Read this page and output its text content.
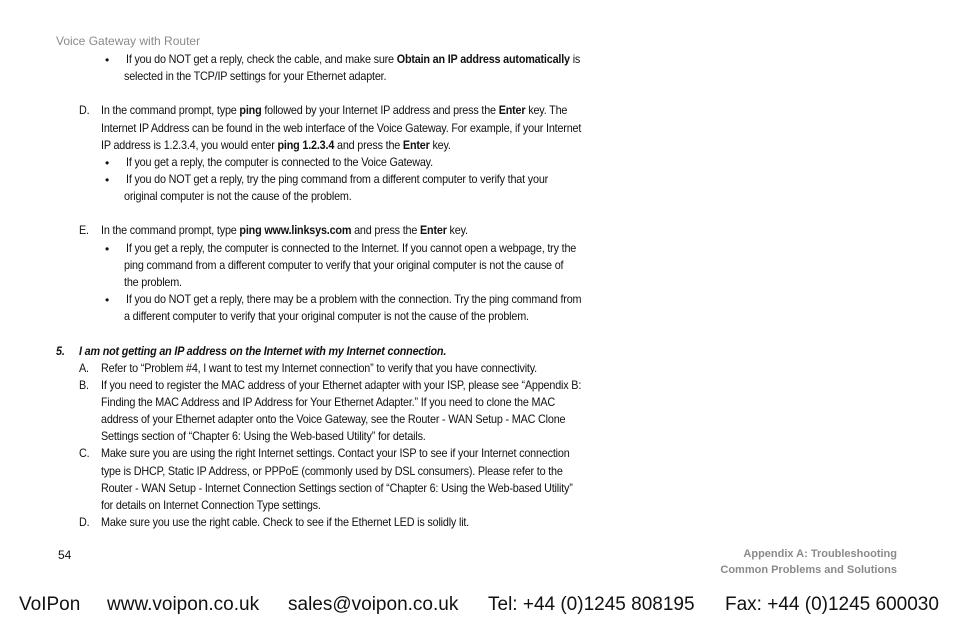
Voice Gateway with Router
• If you do NOT get a reply, check the cable, and make sure Obtain an IP address automatically is
selected in the TCP/IP settings for your Ethernet adapter.
D. In the command prompt, type ping followed by your Internet IP address and press the Enter key. The
Internet IP Address can be found in the web interface of the Voice Gateway. For example, if your Internet
IP address is 1.2.3.4, you would enter ping 1.2.3.4 and press the Enter key.
• If you get a reply, the computer is connected to the Voice Gateway.
• If you do NOT get a reply, try the ping command from a different computer to verify that your
original computer is not the cause of the problem.
E. In the command prompt, type ping www.linksys.com and press the Enter key.
• If you get a reply, the computer is connected to the Internet. If you cannot open a webpage, try the
ping command from a different computer to verify that your original computer is not the cause of
the problem.
• If you do NOT get a reply, there may be a problem with the connection. Try the ping command from
a different computer to verify that your original computer is not the cause of the problem.
5. I am not getting an IP address on the Internet with my Internet connection.
A. Refer to “Problem #4, I want to test my Internet connection” to verify that you have connectivity.
B. If you need to register the MAC address of your Ethernet adapter with your ISP, please see “Appendix B:
Finding the MAC Address and IP Address for Your Ethernet Adapter.” If you need to clone the MAC
address of your Ethernet adapter onto the Voice Gateway, see the Router - WAN Setup - MAC Clone
Settings section of “Chapter 6: Using the Web-based Utility” for details.
C. Make sure you are using the right Internet settings. Contact your ISP to see if your Internet connection
type is DHCP, Static IP Address, or PPPoE (commonly used by DSL consumers). Please refer to the
Router - WAN Setup - Internet Connection Settings section of “Chapter 6: Using the Web-based Utility”
for details on Internet Connection Type settings.
D. Make sure you use the right cable. Check to see if the Ethernet LED is solidly lit.
54	Appendix A: Troubleshooting
Common Problems and Solutions
VoIPon www.voipon.co.uk sales@voipon.co.uk Tel: +44 (0)1245 808195 Fax: +44 (0)1245 600030
